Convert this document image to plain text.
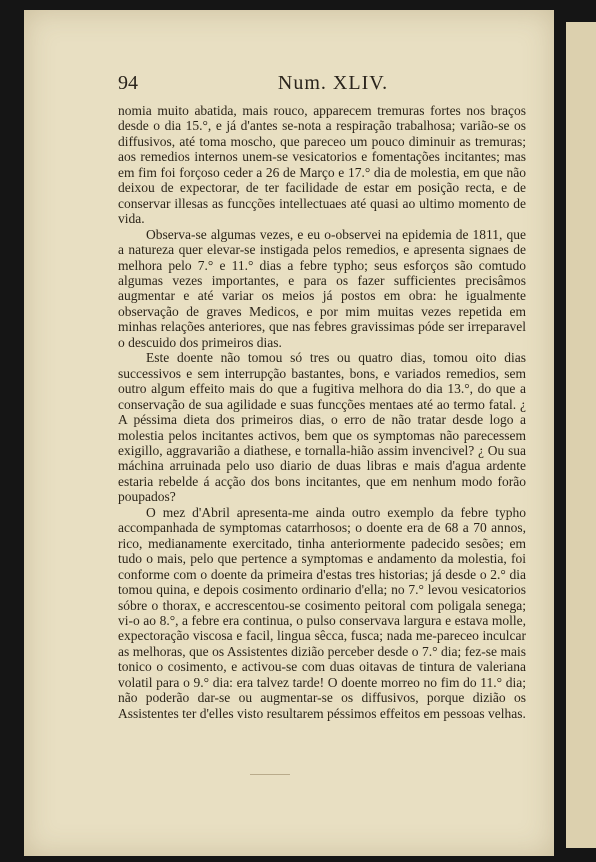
94	Num. XLIV.

nomia muito abatida, mais rouco, apparecem tremuras fortes nos braços desde o dia 15.°, e já d'antes se-nota a respiração trabalhosa; varião-se os diffusivos, até toma moscho, que pareceo um pouco diminuir as tremuras; aos remedios internos unem-se vesicatorios e fomentações incitantes; mas em fim foi forçoso ceder a 26 de Março e 17.° dia de molestia, em que não deixou de expectorar, de ter facilidade de estar em posição recta, e de conservar illesas as funcções intellectuaes até quasi ao ultimo momento de vida.

Observa-se algumas vezes, e eu o-observei na epidemia de 1811, que a natureza quer elevar-se instigada pelos remedios, e apresenta signaes de melhora pelo 7.° e 11.° dias a febre typho; seus esforços são comtudo algumas vezes importantes, e para os fazer sufficientes precisâmos augmentar e até variar os meios já postos em obra: he igualmente observação de graves Medicos, e por mim muitas vezes repetida em minhas relações anteriores, que nas febres gravissimas póde ser irreparavel o descuido dos primeiros dias.

Este doente não tomou só tres ou quatro dias, tomou oito dias successivos e sem interrupção bastantes, bons, e variados remedios, sem outro algum effeito mais do que a fugitiva melhora do dia 13.°, do que a conservação de sua agilidade e suas funcções mentaes até ao termo fatal. ¿ A péssima dieta dos primeiros dias, o erro de não tratar desde logo a molestia pelos incitantes activos, bem que os symptomas não parecessem exigillo, aggravarião a diathese, e tornalla-hião assim invencivel? ¿ Ou sua máchina arruinada pelo uso diario de duas libras e mais d'agua ardente estaria rebelde á acção dos bons incitantes, que em nenhum modo forão poupados?

O mez d'Abril apresenta-me ainda outro exemplo da febre typho accompanhada de symptomas catarrhosos; o doente era de 68 a 70 annos, rico, medianamente exercitado, tinha anteriormente padecido sesões; em tudo o mais, pelo que pertence a symptomas e andamento da molestia, foi conforme com o doente da primeira d'estas tres historias; já desde o 2.° dia tomou quina, e depois cosimento ordinario d'ella; no 7.° levou vesicatorios sóbre o thorax, e accrescentou-se cosimento peitoral com poligala senega; vi-o ao 8.°, a febre era continua, o pulso conservava largura e estava molle, expectoração viscosa e facil, lingua sêcca, fusca; nada me-pareceo inculcar as melhoras, que os Assistentes dizião perceber desde o 7.° dia; fez-se mais tonico o cosimento, e activou-se com duas oitavas de tintura de valeriana volatil para o 9.° dia: era talvez tarde! O doente morreo no fim do 11.° dia; não poderão dar-se ou augmentar-se os diffusivos, porque dizião os Assistentes ter d'elles visto resultarem péssimos effeitos em pessoas velhas.
